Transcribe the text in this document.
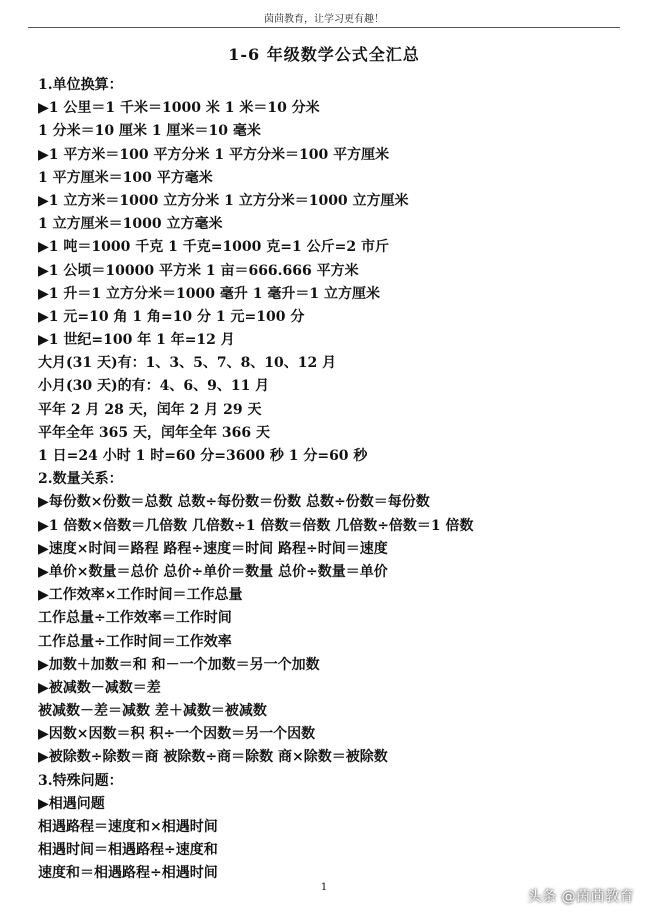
茵茴教育，让学习更有趣！
1-6 年级数学公式全汇总
1.单位换算：
▶1 公里＝1 千米＝1000 米 1 米＝10 分米
1 分米＝10 厘米 1 厘米＝10 毫米
▶1 平方米＝100 平方分米 1 平方分米＝100 平方厘米
1 平方厘米＝100 平方毫米
▶1 立方米＝1000 立方分米 1 立方分米＝1000 立方厘米
1 立方厘米＝1000 立方毫米
▶1 吨＝1000 千克 1 千克=1000 克=1 公斤=2 市斤
▶1 公顷＝10000 平方米 1 亩＝666.666 平方米
▶1 升＝1 立方分米＝1000 毫升 1 毫升＝1 立方厘米
▶1 元=10 角 1 角=10 分 1 元=100 分
▶1 世纪=100 年 1 年=12 月
大月(31 天)有：1、3、5、7、8、10、12 月
小月(30 天)的有：4、6、9、11 月
平年 2 月 28 天，闰年 2 月 29 天
平年全年 365 天，闰年全年 366 天
1 日=24 小时 1 时=60 分=3600 秒 1 分=60 秒
2.数量关系：
▶每份数×份数＝总数 总数÷每份数＝份数 总数÷份数＝每份数
▶1 倍数×倍数＝几倍数 几倍数÷1 倍数＝倍数 几倍数÷倍数＝1 倍数
▶速度×时间＝路程 路程÷速度＝时间 路程÷时间＝速度
▶单价×数量＝总价 总价÷单价＝数量 总价÷数量＝单价
▶工作效率×工作时间＝工作总量
工作总量÷工作效率＝工作时间
工作总量÷工作时间＝工作效率
▶加数＋加数＝和 和－一个加数＝另一个加数
▶被减数－减数＝差
被减数－差＝减数 差＋减数＝被减数
▶因数×因数＝积 积÷一个因数＝另一个因数
▶被除数÷除数＝商 被除数÷商＝除数 商×除数＝被除数
3.特殊问题：
▶相遇问题
相遇路程＝速度和×相遇时间
相遇时间＝相遇路程÷速度和
速度和＝相遇路程÷相遇时间
1
头条 @茵茴教育
